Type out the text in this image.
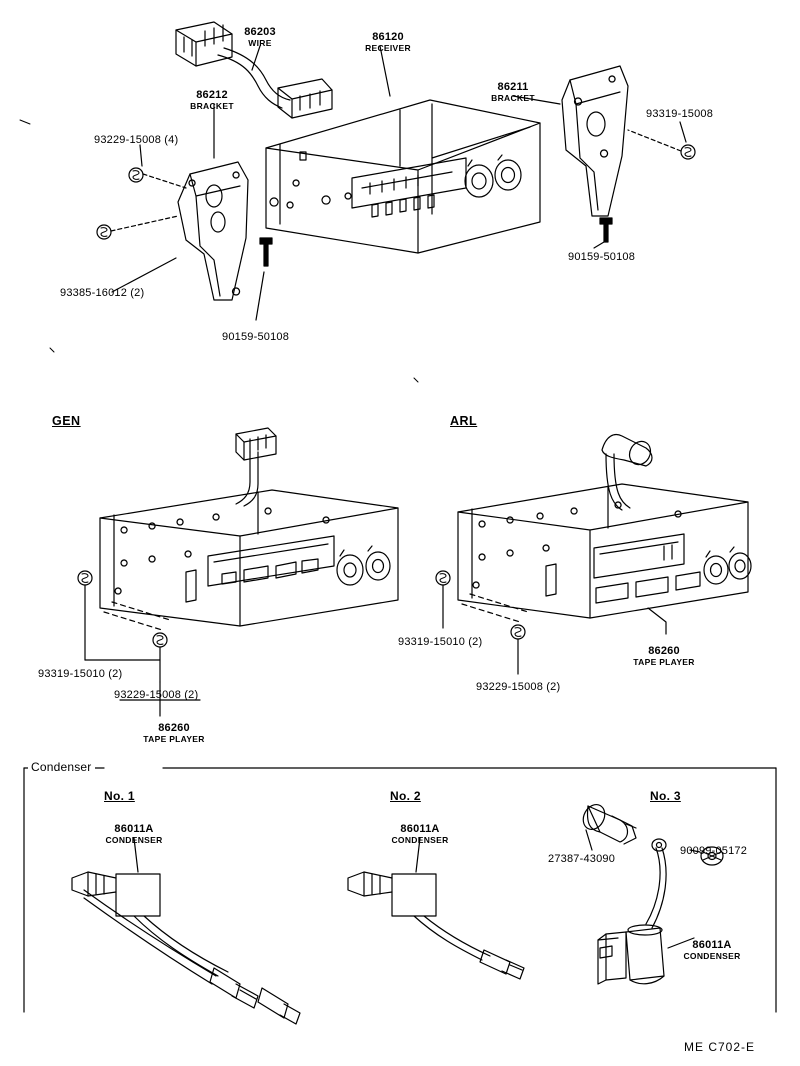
86203
WIRE	86120
RECEIVER
86212
BRACKET
86211
BRACKET
93229-15008 (4)
93319-15008
93385-16012 (2)
90159-50108
90159-50108
GEN	ARL
93319-15010 (2)
93229-15008 (2)
86260
TAPE PLAYER
93319-15010 (2)
93229-15008 (2)
86260
TAPE PLAYER
Condenser
No. 1	No. 2	No. 3
86011A
CONDENSER
86011A
CONDENSER
27387-43090
90099-05172
86011A
CONDENSER
ME C702-E
